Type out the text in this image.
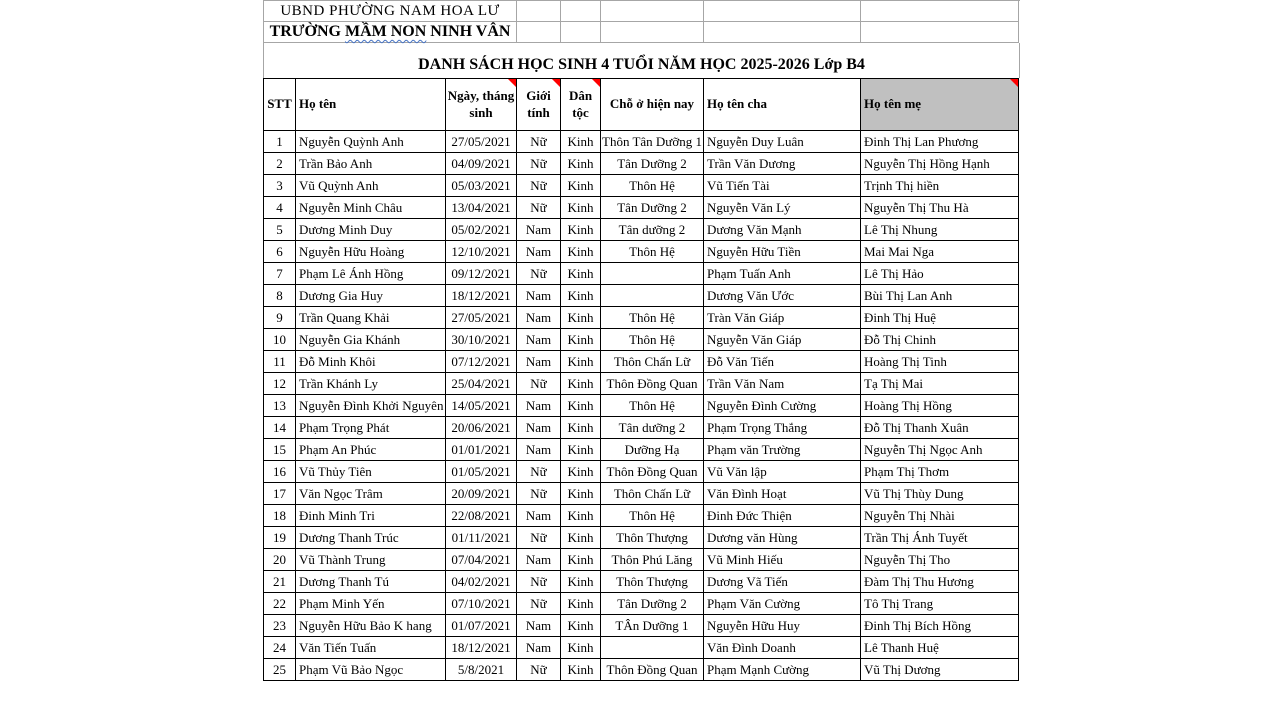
UBND PHƯỜNG NAM HOA LƯ
TRƯỜNG MẦM NON NINH VÂN
DANH SÁCH HỌC SINH 4 TUỔI NĂM HỌC 2025-2026 Lớp B4
STT	Họ tên	Ngày, tháng sinh	Giới tính	Dân tộc	Chỗ ở hiện nay	Họ tên cha	Họ tên mẹ

1	Nguyễn Quỳnh Anh	27/05/2021	Nữ	Kinh	Thôn Tân Dưỡng 1	Nguyễn Duy Luân	Đinh Thị Lan Phương
2	Trần Bảo Anh	04/09/2021	Nữ	Kinh	Tân Dưỡng 2	Trần Văn Dương	Nguyễn Thị Hồng Hạnh
3	Vũ Quỳnh Anh	05/03/2021	Nữ	Kinh	Thôn Hệ	Vũ Tiến Tài	Trịnh Thị hiền
4	Nguyễn Minh Châu	13/04/2021	Nữ	Kinh	Tân Dưỡng 2	Nguyễn Văn Lý	Nguyễn Thị Thu Hà
5	Dương Minh Duy	05/02/2021	Nam	Kinh	Tân dưỡng 2	Dương Văn Mạnh	Lê Thị Nhung
6	Nguyễn Hữu Hoàng	12/10/2021	Nam	Kinh	Thôn Hệ	Nguyễn Hữu Tiền	Mai Mai Nga
7	Phạm Lê Ánh Hồng	09/12/2021	Nữ	Kinh		Phạm Tuấn Anh	Lê Thị Hảo
8	Dương Gia Huy	18/12/2021	Nam	Kinh		Dương Văn Ước	Bùi Thị Lan Anh
9	Trần Quang Khải	27/05/2021	Nam	Kinh	Thôn Hệ	Tràn Văn Giáp	Đinh Thị Huệ
10	Nguyễn Gia Khánh	30/10/2021	Nam	Kinh	Thôn Hệ	Nguyễn Văn Giáp	Đỗ Thị Chinh
11	Đỗ Minh Khôi	07/12/2021	Nam	Kinh	Thôn Chấn Lữ	Đỗ Văn Tiến	Hoàng Thị Tinh
12	Trần Khánh Ly	25/04/2021	Nữ	Kinh	Thôn Đồng Quan	Trần Văn Nam	Tạ Thị Mai
13	Nguyễn Đình Khởi Nguyên	14/05/2021	Nam	Kinh	Thôn Hệ	Nguyễn Đình Cường	Hoàng Thị Hồng
14	Phạm Trọng Phát	20/06/2021	Nam	Kinh	Tân dưỡng 2	Phạm Trọng Thắng	Đỗ Thị Thanh Xuân
15	Phạm An Phúc	01/01/2021	Nam	Kinh	Dưỡng Hạ	Phạm văn Trường	Nguyễn Thị Ngọc Anh
16	Vũ Thủy Tiên	01/05/2021	Nữ	Kinh	Thôn Đồng Quan	Vũ Văn lập	Phạm Thị Thơm
17	Văn Ngọc Trâm	20/09/2021	Nữ	Kinh	Thôn Chấn Lữ	Văn Đình Hoạt	Vũ Thị Thùy Dung
18	Đinh Minh Tri	22/08/2021	Nam	Kinh	Thôn Hệ	Đinh Đức Thiện	Nguyễn Thị Nhài
19	Dương Thanh Trúc	01/11/2021	Nữ	Kinh	Thôn Thượng	Dương văn Hùng	Trần Thị Ánh Tuyết
20	Vũ Thành Trung	07/04/2021	Nam	Kinh	Thôn Phú Lăng	Vũ Minh Hiếu	Nguyễn Thị Tho
21	Dương Thanh Tú	04/02/2021	Nữ	Kinh	Thôn Thượng	Dương Vã Tiến	Đàm Thị Thu Hương
22	Phạm Minh Yến	07/10/2021	Nữ	Kinh	Tân Dưỡng 2	Phạm Văn Cường	Tô Thị Trang
23	Nguyễn Hữu Bảo K hang	01/07/2021	Nam	Kinh	TÂn Dưỡng 1	Nguyễn Hữu Huy	Đinh Thị Bích Hồng
24	Văn Tiến Tuấn	18/12/2021	Nam	Kinh		Văn Đình Doanh	Lê Thanh Huệ
25	Phạm Vũ Bảo Ngọc	5/8/2021	Nữ	Kinh	Thôn Đồng Quan	Phạm Mạnh Cường	Vũ Thị Dương
